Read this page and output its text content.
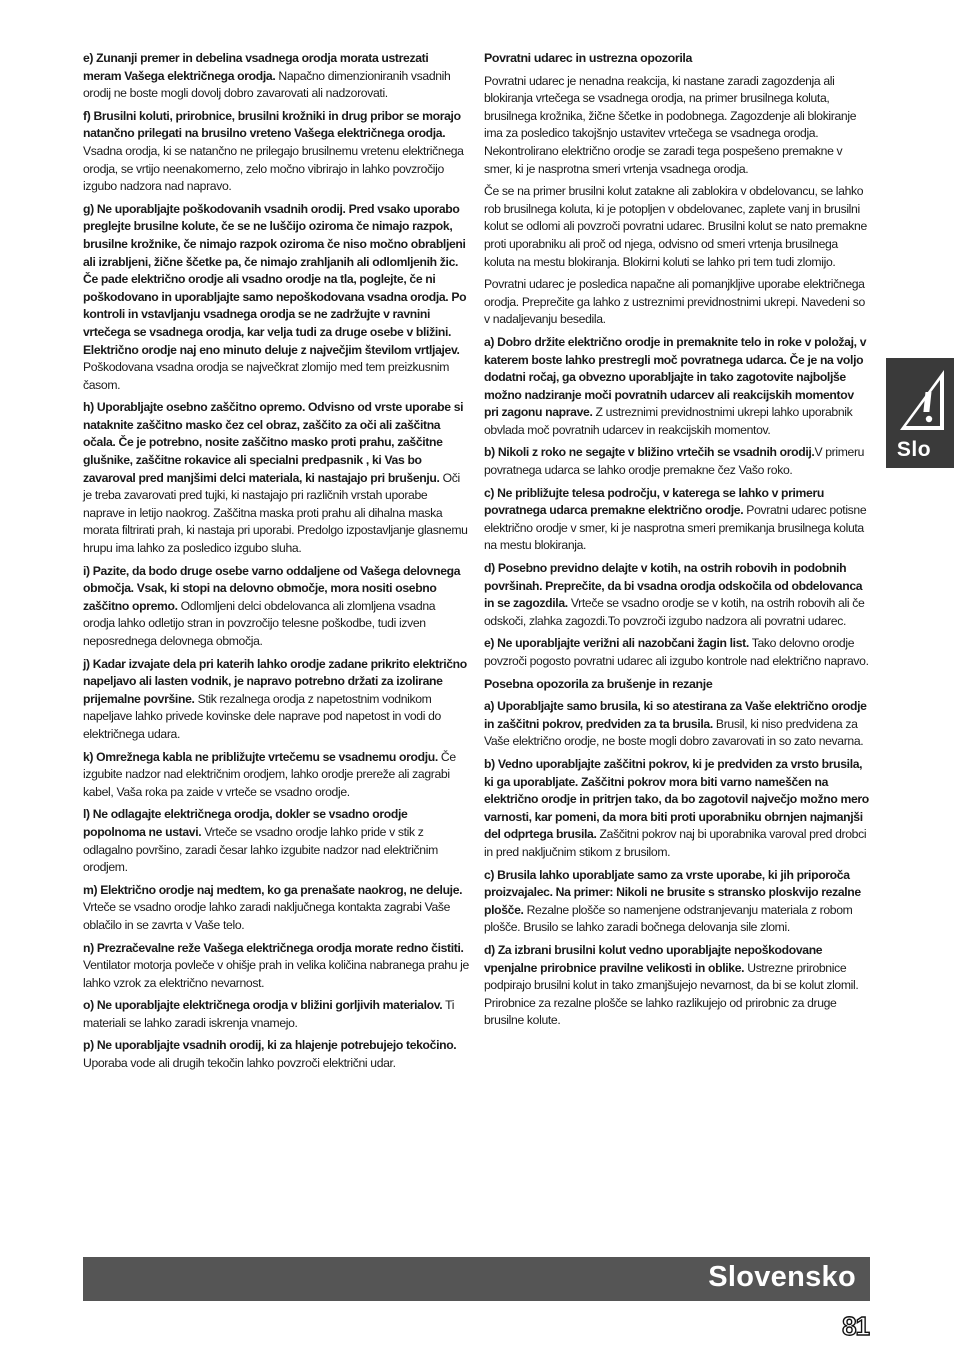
e) Zunanji premer in debelina vsadnega orodja morata ustrezati meram Vašega električnega orodja. Napačno dimenzioniranih vsadnih orodij ne boste mogli dovolj dobro zavarovati ali nadzorovati.

f) Brusilni koluti, prirobnice, brusilni krožniki in drug pribor se morajo natančno prilegati na brusilno vreteno Vašega električnega orodja. Vsadna orodja, ki se natančno ne prilegajo brusilnemu vretenu električnega orodja, se vrtijo neenakomerno, zelo močno vibrirajo in lahko povzročijo izgubo nadzora nad napravo.

g) Ne uporabljajte poškodovanih vsadnih orodij. Pred vsako uporabo preglejte brusilne kolute, če se ne luščijo oziroma če nimajo razpok, brusilne krožnike, če nimajo razpok oziroma če niso močno obrabljeni ali izrabljeni, žične ščetke pa, če nimajo zrahljanih ali odlomljenih žic. Če pade električno orodje ali vsadno orodje na tla, poglejte, če ni poškodovano in uporabljajte samo nepoškodovana vsadna orodja. Po kontroli in vstavljanju vsadnega orodja se ne zadržujte v ravnini vrtečega se vsadnega orodja, kar velja tudi za druge osebe v bližini. Električno orodje naj eno minuto deluje z največjim številom vrtljajev. Poškodovana vsadna orodja se največkrat zlomijo med tem preizkusnim časom.

h) Uporabljajte osebno zaščitno opremo. Odvisno od vrste uporabe si nataknite zaščitno masko čez cel obraz, zaščito za oči ali zaščitna očala. Če je potrebno, nosite zaščitno masko proti prahu, zaščitne glušnike, zaščitne rokavice ali specialni predpasnik , ki Vas bo zavaroval pred manjšimi delci materiala, ki nastajajo pri brušenju. Oči je treba zavarovati pred tujki, ki nastajajo pri različnih vrstah uporabe naprave in letijo naokrog. Zaščitna maska proti prahu ali dihalna maska morata filtrirati prah, ki nastaja pri uporabi. Predolgo izpostavljanje glasnemu hrupu ima lahko za posledico izgubo sluha.

i) Pazite, da bodo druge osebe varno oddaljene od Vašega delovnega območja. Vsak, ki stopi na delovno območje, mora nositi osebno zaščitno opremo. Odlomljeni delci obdelovanca ali zlomljena vsadna orodja lahko odletijo stran in povzročijo telesne poškodbe, tudi izven neposrednega delovnega območja.

j) Kadar izvajate dela pri katerih lahko orodje zadane prikrito električno napeljavo ali lasten vodnik, je napravo potrebno držati za izolirane prijemalne površine. Stik rezalnega orodja z napetostnim vodnikom napeljave lahko privede kovinske dele naprave pod napetost in vodi do električnega udara.

k) Omrežnega kabla ne približujte vrtečemu se vsadnemu orodju. Če izgubite nadzor nad električnim orodjem, lahko orodje prereže ali zagrabi kabel, Vaša roka pa zaide v vrteče se vsadno orodje.

l) Ne odlagajte električnega orodja, dokler se vsadno orodje popolnoma ne ustavi. Vrteče se vsadno orodje lahko pride v stik z odlagalno površino, zaradi česar lahko izgubite nadzor nad električnim orodjem.

m) Električno orodje naj medtem, ko ga prenašate naokrog, ne deluje. Vrteče se vsadno orodje lahko zaradi naključnega kontakta zagrabi Vaše oblačilo in se zavrta v Vaše telo.

n) Prezračevalne reže Vašega električnega orodja morate redno čistiti. Ventilator motorja povleče v ohišje prah in velika količina nabranega prahu je lahko vzrok za električno nevarnost.

o) Ne uporabljajte električnega orodja v bližini gorljivih materialov. Ti materiali se lahko zaradi iskrenja vnamejo.

p) Ne uporabljajte vsadnih orodij, ki za hlajenje potrebujejo tekočino. Uporaba vode ali drugih tekočin lahko povzroči električni udar.

Povratni udarec in ustrezna opozorila

Povratni udarec je nenadna reakcija, ki nastane zaradi zagozdenja ali blokiranja vrtečega se vsadnega orodja, na primer brusilnega koluta, brusilnega krožnika, žične ščetke in podobnega. Zagozdenje ali blokiranje ima za posledico takojšnjo ustavitev vrtečega se vsadnega orodja. Nekontrolirano električno orodje se zaradi tega pospešeno premakne v smer, ki je nasprotna smeri vrtenja vsadnega orodja.

Če se na primer brusilni kolut zatakne ali zablokira v obdelovancu, se lahko rob brusilnega koluta, ki je potopljen v obdelovanec, zaplete vanj in brusilni kolut se odlomi ali povzroči povratni udarec. Brusilni kolut se nato premakne proti uporabniku ali proč od njega, odvisno od smeri vrtenja brusilnega koluta na mestu blokiranja. Blokirni koluti se lahko pri tem tudi zlomijo.

Povratni udarec je posledica napačne ali pomanjkljive uporabe električnega orodja. Preprečite ga lahko z ustreznimi previdnostnimi ukrepi. Navedeni so v nadaljevanju besedila.

a) Dobro držite električno orodje in premaknite telo in roke v položaj, v katerem boste lahko prestregli moč povratnega udarca. Če je na voljo dodatni ročaj, ga obvezno uporabljajte in tako zagotovite najboljše možno nadziranje moči povratnih udarcev ali reakcijskih momentov pri zagonu naprave. Z ustreznimi previdnostnimi ukrepi lahko uporabnik obvlada moč povratnih udarcev in reakcijskih momentov.

b) Nikoli z roko ne segajte v bližino vrtečih se vsadnih orodij.V primeru povratnega udarca se lahko orodje premakne čez Vašo roko.

c) Ne približujte telesa področju, v katerega se lahko v primeru povratnega udarca premakne električno orodje. Povratni udarec potisne električno orodje v smer, ki je nasprotna smeri premikanja brusilnega koluta na mestu blokiranja.

d) Posebno previdno delajte v kotih, na ostrih robovih in podobnih površinah. Preprečite, da bi vsadna orodja odskočila od obdelovanca in se zagozdila. Vrteče se vsadno orodje se v kotih, na ostrih robovih ali če odskoči, zlahka zagozdi.To povzroči izgubo nadzora ali povratni udarec.

e) Ne uporabljajte verižni ali nazobčani žagin list. Tako delovno orodje povzroči pogosto povratni udarec ali izgubo kontrole nad električno napravo.

Posebna opozorila za brušenje in rezanje

a) Uporabljajte samo brusila, ki so atestirana za Vaše električno orodje in zaščitni pokrov, predviden za ta brusila. Brusil, ki niso predvidena za Vaše električno orodje, ne boste mogli dobro zavarovati in so zato nevarna.

b) Vedno uporabljajte zaščitni pokrov, ki je predviden za vrsto brusila, ki ga uporabljate. Zaščitni pokrov mora biti varno nameščen na električno orodje in pritrjen tako, da bo zagotovil največjo možno mero varnosti, kar pomeni, da mora biti proti uporabniku obrnjen najmanjši del odprtega brusila. Zaščitni pokrov naj bi uporabnika varoval pred drobci in pred naključnim stikom z brusilom.

c) Brusila lahko uporabljate samo za vrste uporabe, ki jih priporoča proizvajalec. Na primer: Nikoli ne brusite s stransko ploskvijo rezalne plošče. Rezalne plošče so namenjene odstranjevanju materiala z robom plošče. Brusilo se lahko zaradi bočnega delovanja sile zlomi.

d) Za izbrani brusilni kolut vedno uporabljajte nepoškodovane vpenjalne prirobnice pravilne velikosti in oblike. Ustrezne prirobnice podpirajo brusilni kolut in tako zmanjšujejo nevarnost, da bi se kolut zlomil. Prirobnice za rezalne plošče se lahko razlikujejo od prirobnic za druge brusilne kolute.

Slo
Slovensko
81
